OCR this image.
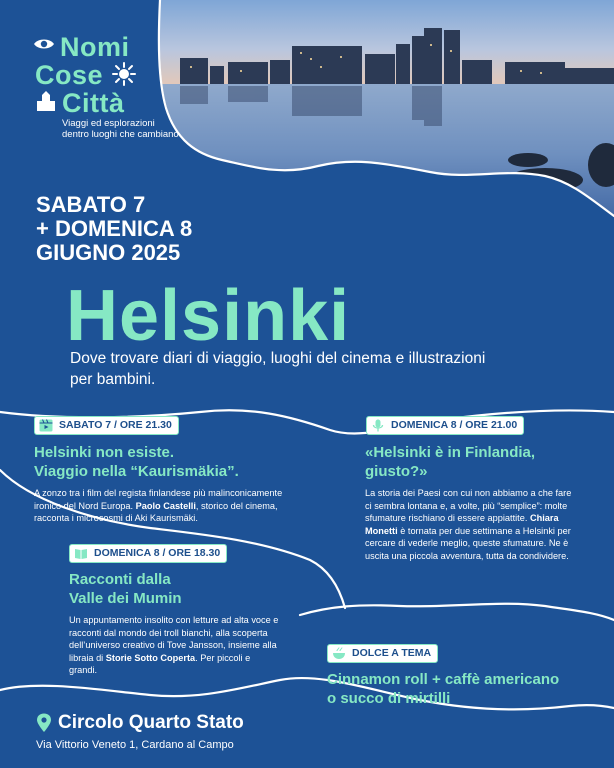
Nomi
Cose
Città
Viaggi ed esplorazioni
dentro luoghi che cambiano
SABATO 7
+ DOMENICA 8
GIUGNO 2025
Helsinki
Dove trovare diari di viaggio, luoghi del cinema e illustrazioni per bambini.
SABATO 7 / ORE 21.30
Helsinki non esiste.
Viaggio nella “Kaurismäkia”.
A zonzo tra i film del regista finlandese più malinconicamente ironico del Nord Europa. Paolo Castelli, storico del cinema, racconta i microcosmi di Aki Kaurismäki.
DOMENICA 8 / ORE 18.30
Racconti dalla
Valle dei Mumin
Un appuntamento insolito con letture ad alta voce e racconti dal mondo dei troll bianchi, alla scoperta dell’universo creativo di Tove Jansson, insieme alla libraia di Storie Sotto Coperta. Per piccoli e grandi.
DOMENICA 8 / ORE 21.00
«Helsinki è in Finlandia,
giusto?»
La storia dei Paesi con cui non abbiamo a che fare ci sembra lontana e, a volte, più “semplice”: molte sfumature rischiano di essere appiattite. Chiara Monetti è tornata per due settimane a Helsinki per cercare di vederle meglio, queste sfumature. Ne è uscita una piccola avventura, tutta da condividere.
DOLCE A TEMA
Cinnamon roll + caffè americano
o succo di mirtilli
Circolo Quarto Stato
Via Vittorio Veneto 1, Cardano al Campo
